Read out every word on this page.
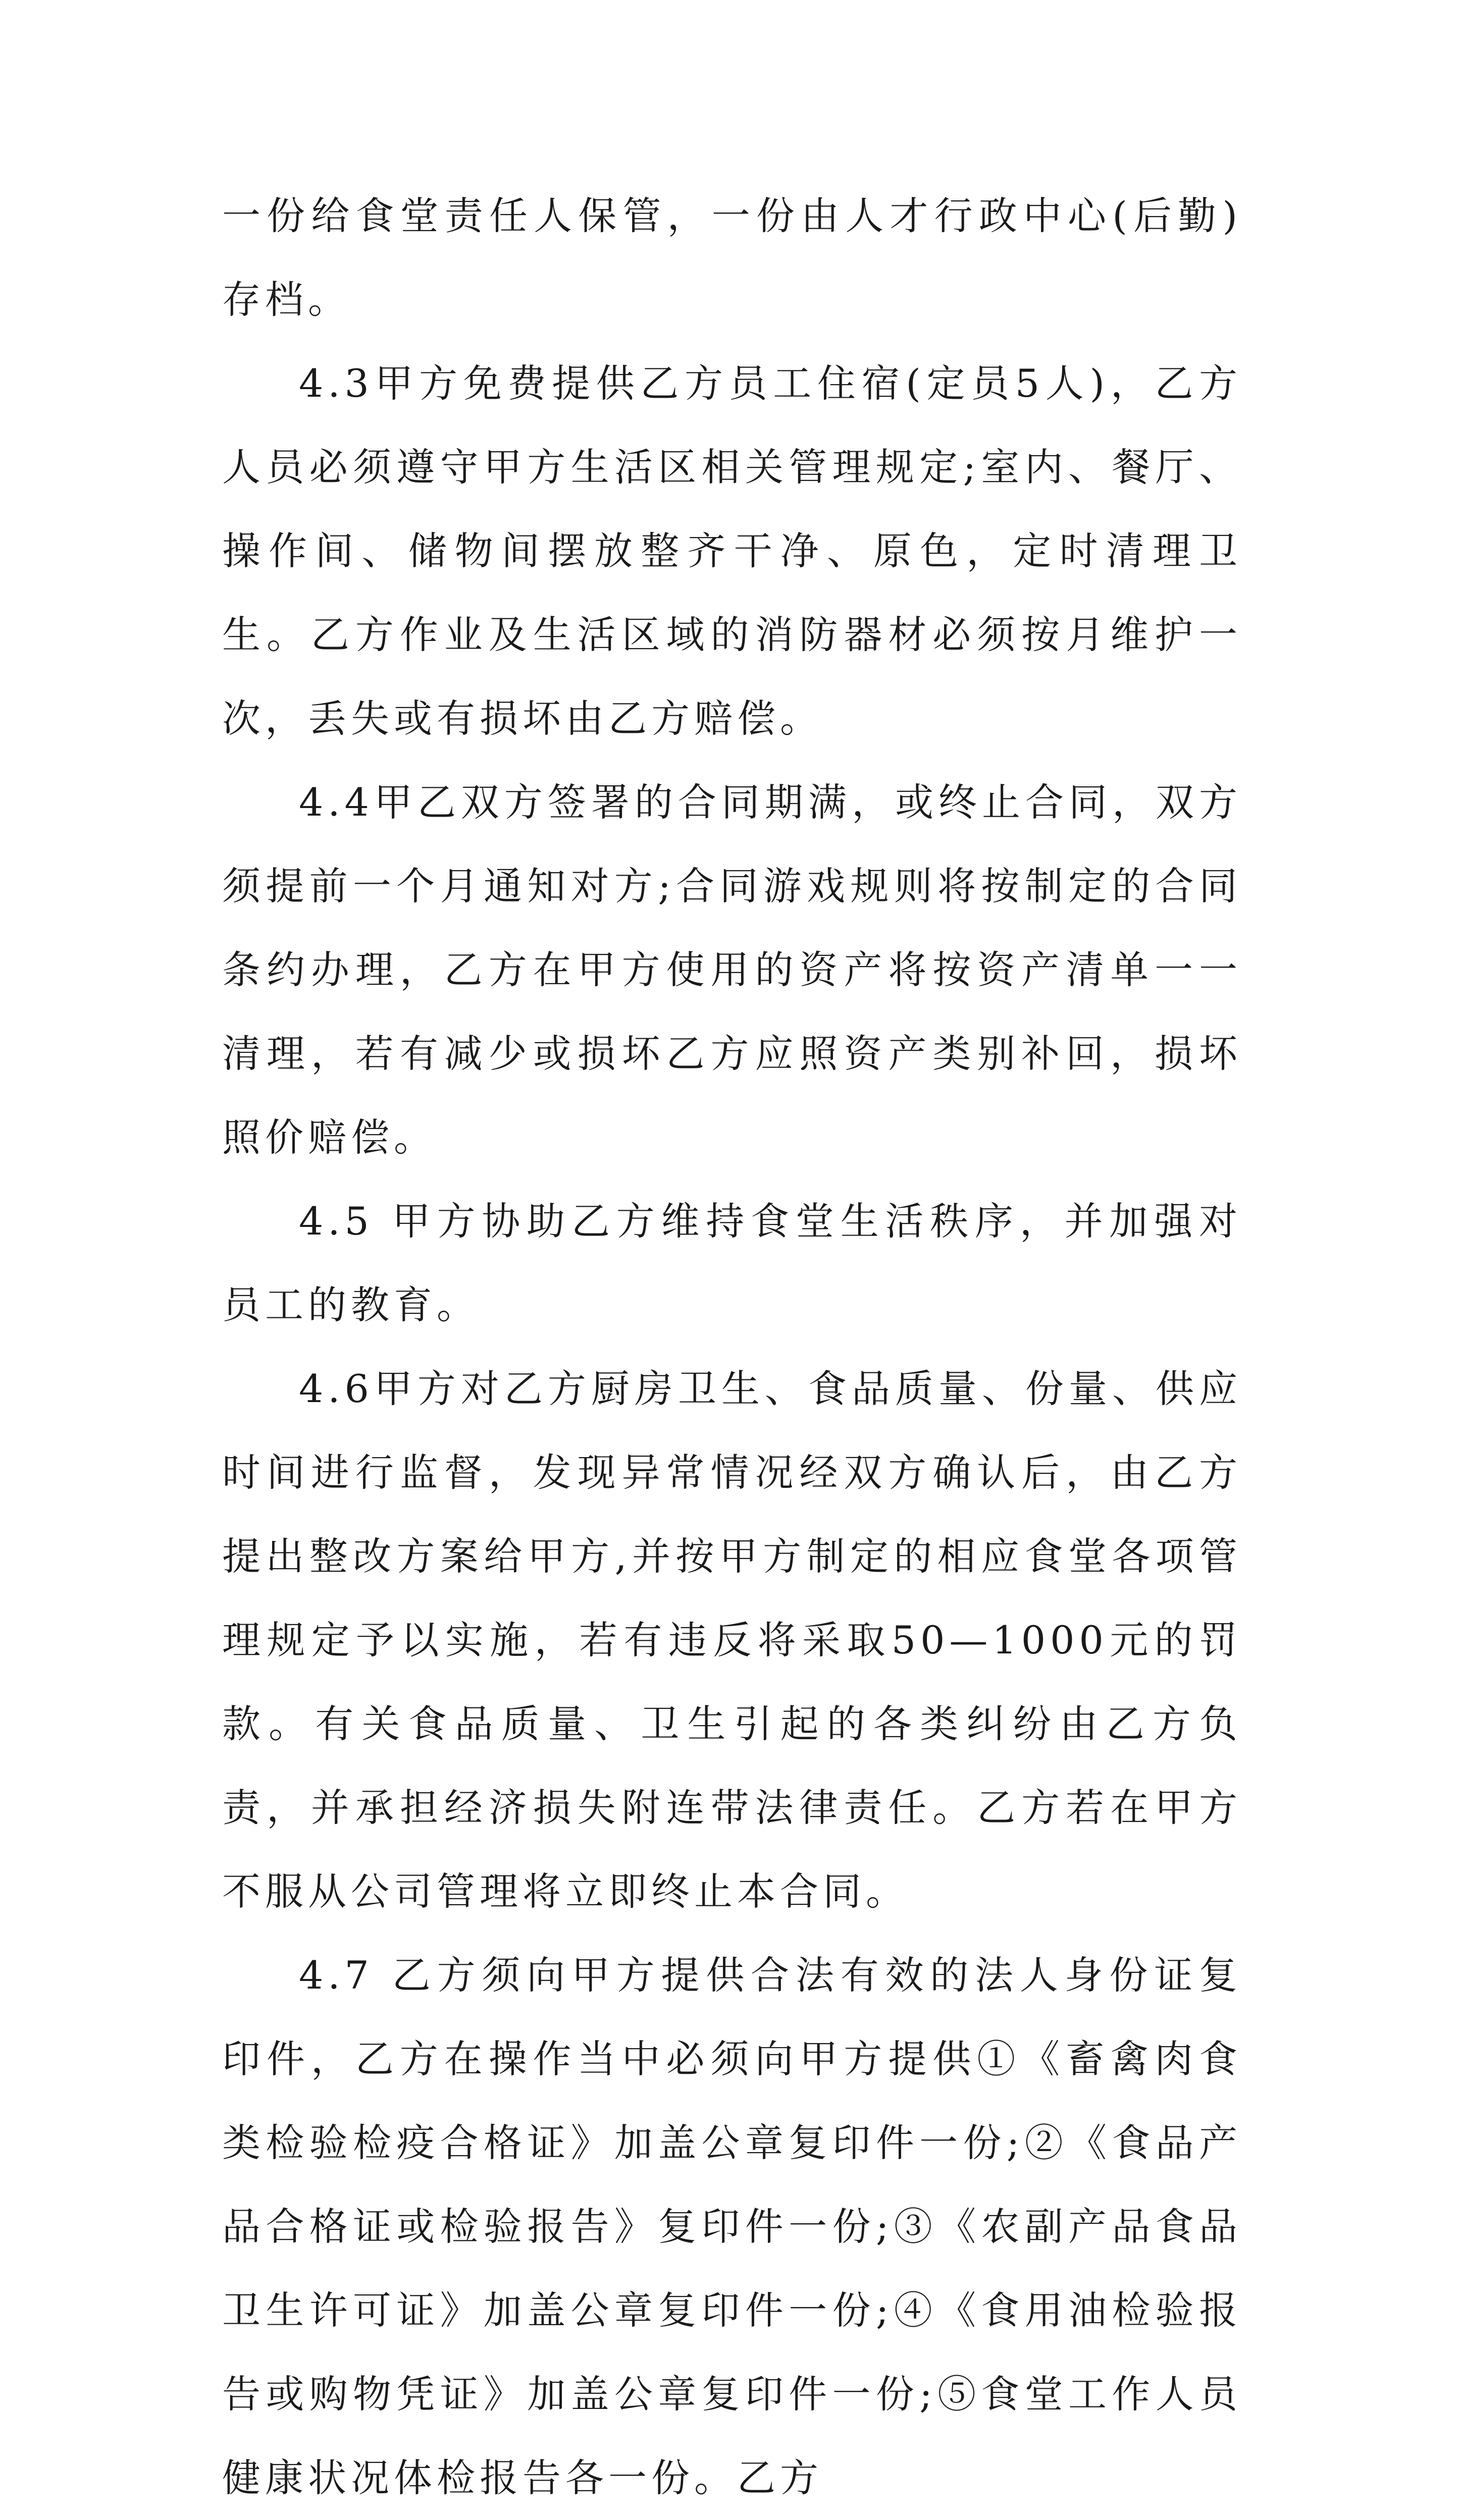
一份给食堂责任人保管，一份由人才行政中心(后勤)存档。

4.3甲方免费提供乙方员工住宿(定员5人)，乙方人员必须遵守甲方生活区相关管理规定;室内、餐厅、操作间、储物间摆放整齐干净、原色，定时清理卫生。乙方作业及生活区域的消防器材必须按月维护一次，丢失或有损坏由乙方赔偿。

4.4甲乙双方签署的合同期满，或终止合同，双方须提前一个月通知对方;合同游戏规则将按制定的合同条约办理，乙方在甲方使用的资产将按资产清单一一清理，若有减少或损坏乙方应照资产类别补回，损坏照价赔偿。

4.5 甲方协助乙方维持食堂生活秩序，并加强对员工的教育。

4.6甲方对乙方厨房卫生、食品质量、份量、供应时间进行监督，发现异常情况经双方确认后，由乙方提出整改方案给甲方,并按甲方制定的相应食堂各项管理规定予以实施，若有违反将采取50—1000元的罚款。有关食品质量、卫生引起的各类纠纷由乙方负责，并承担经济损失附连带法律责任。乙方若在甲方不服从公司管理将立即终止本合同。

4.7 乙方须向甲方提供合法有效的法人身份证复印件，乙方在操作当中必须向甲方提供①《畜禽肉食类检验检疫合格证》加盖公章复印件一份;②《食品产品合格证或检验报告》复印件一份;③《农副产品食品卫生许可证》加盖公章复印件一份;④《食用油检验报告或购物凭证》加盖公章复印件一份;⑤食堂工作人员健康状况体检报告各一份。乙方
